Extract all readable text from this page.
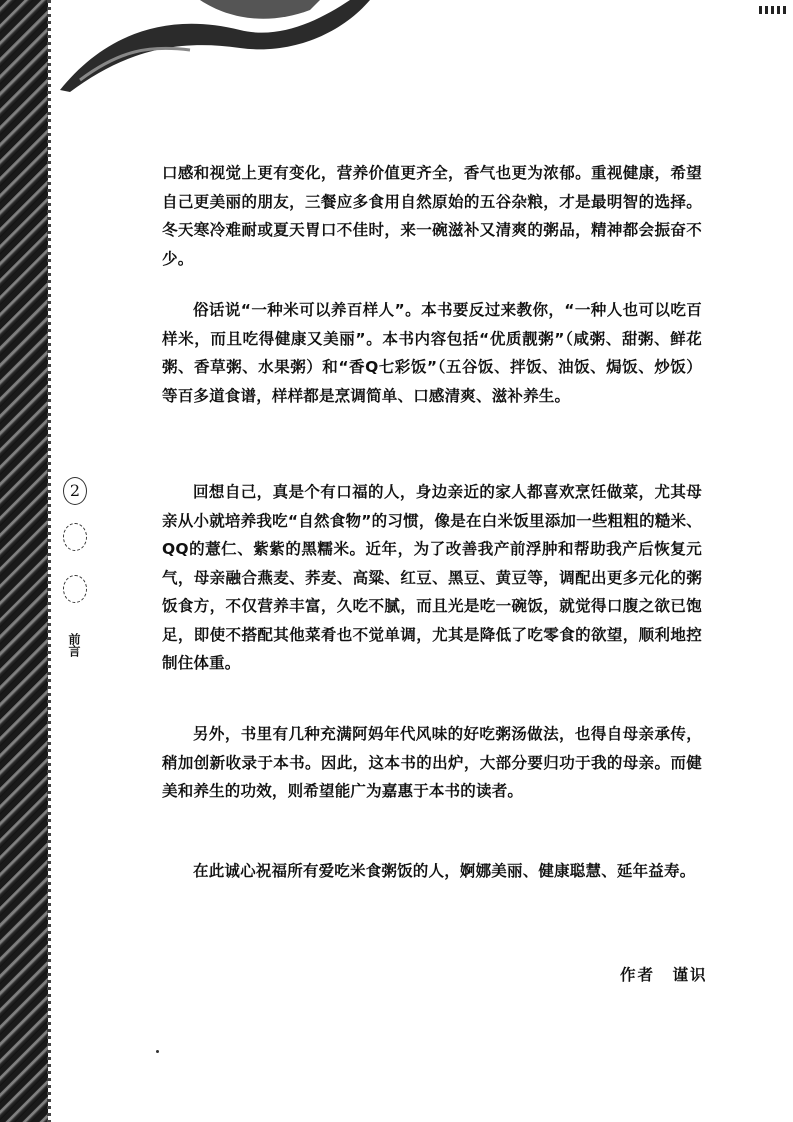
口感和视觉上更有变化，营养价值更齐全，香气也更为浓郁。重视健康，希望自己更美丽的朋友，三餐应多食用自然原始的五谷杂粮，才是最明智的选择。冬天寒冷难耐或夏天胃口不佳时，来一碗滋补又清爽的粥品，精神都会振奋不少。

俗话说“一种米可以养百样人”。本书要反过来教你，“一种人也可以吃百样米，而且吃得健康又美丽”。本书内容包括“优质靓粥”（咸粥、甜粥、鲜花粥、香草粥、水果粥）和“香Q七彩饭”（五谷饭、拌饭、油饭、焗饭、炒饭）等百多道食谱，样样都是烹调简单、口感清爽、滋补养生。

回想自己，真是个有口福的人，身边亲近的家人都喜欢烹饪做菜，尤其母亲从小就培养我吃“自然食物”的习惯，像是在白米饭里添加一些粗粗的糙米、QQ的薏仁、紫紫的黑糯米。近年，为了改善我产前浮肿和帮助我产后恢复元气，母亲融合燕麦、荞麦、高粱、红豆、黑豆、黄豆等，调配出更多元化的粥饭食方，不仅营养丰富，久吃不腻，而且光是吃一碗饭，就觉得口腹之欲已饱足，即使不搭配其他菜肴也不觉单调，尤其是降低了吃零食的欲望，顺利地控制住体重。

另外，书里有几种充满阿妈年代风味的好吃粥汤做法，也得自母亲承传，稍加创新收录于本书。因此，这本书的出炉，大部分要归功于我的母亲。而健美和养生的功效，则希望能广为嘉惠于本书的读者。

在此诚心祝福所有爱吃米食粥饭的人，婀娜美丽、健康聪慧、延年益寿。

作者　谨识

2
前言
